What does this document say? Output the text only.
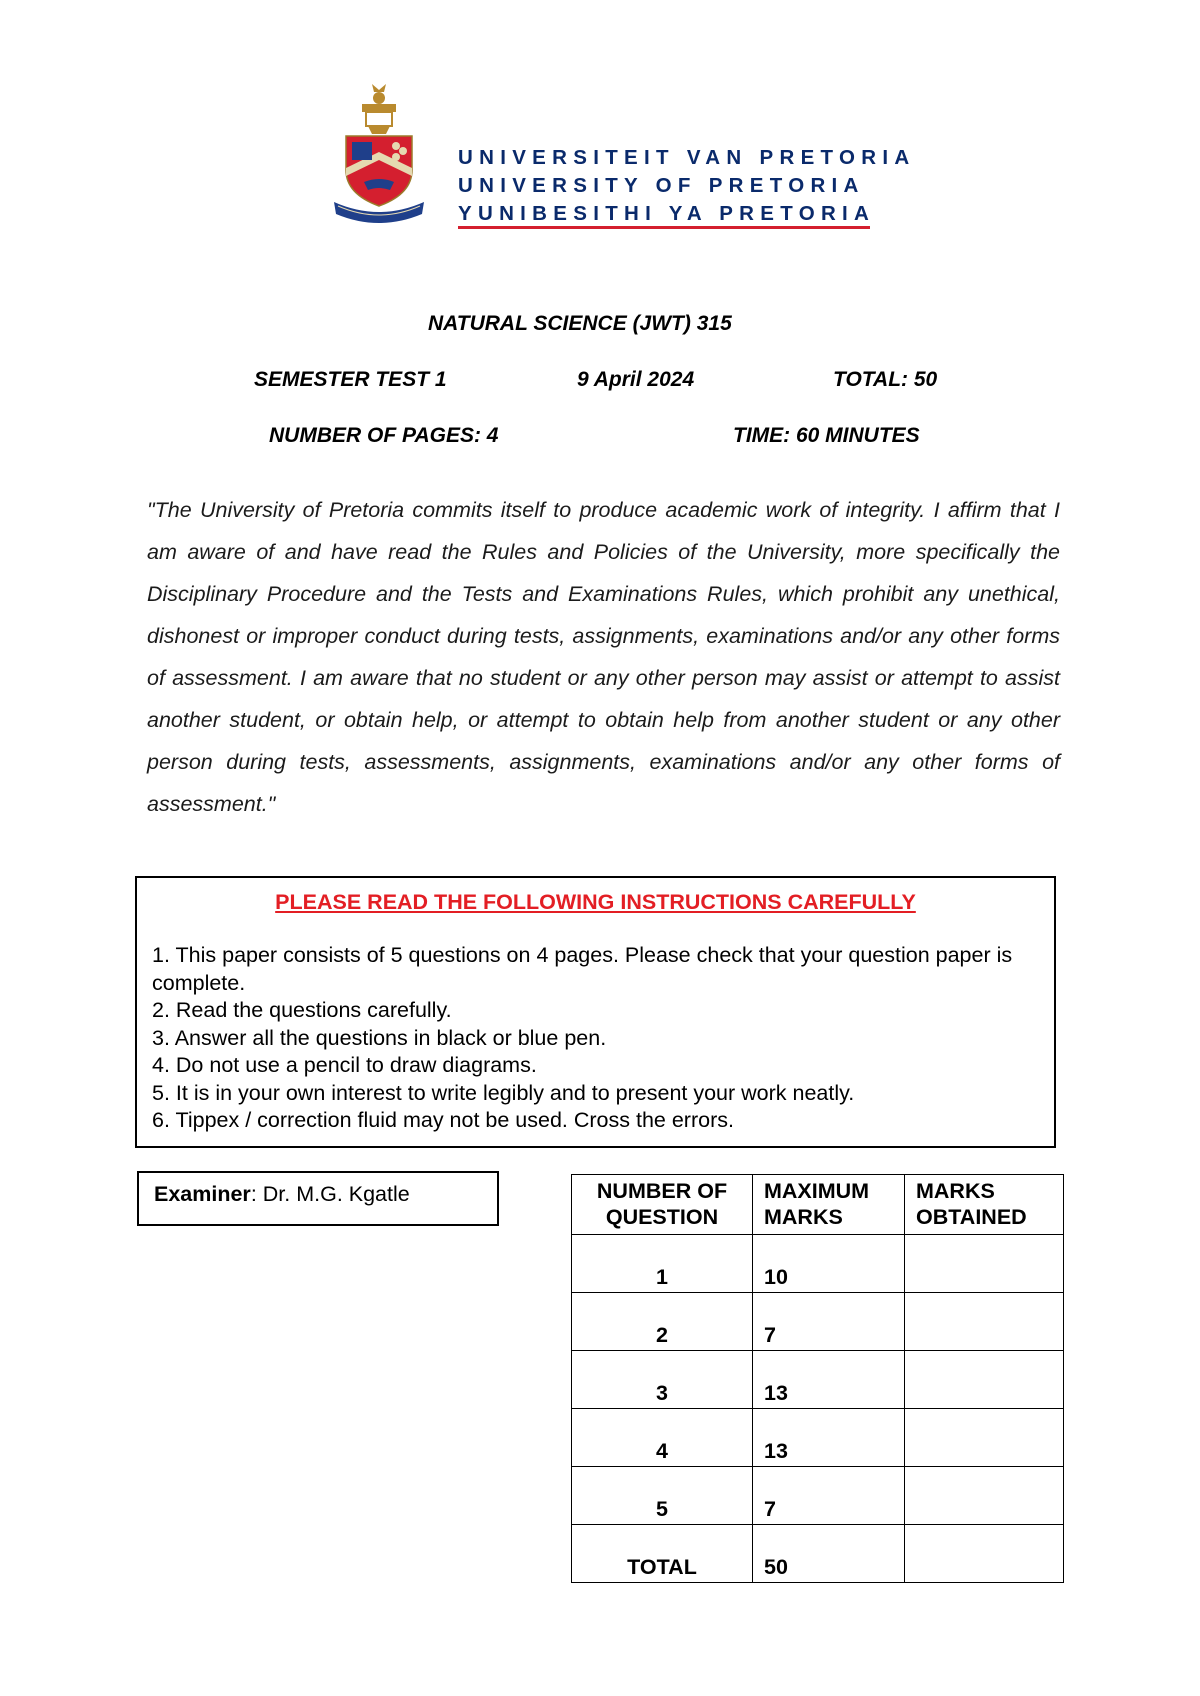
UNIVERSITEIT VAN PRETORIA
UNIVERSITY OF PRETORIA
YUNIBESITHI YA PRETORIA
NATURAL SCIENCE (JWT) 315
SEMESTER TEST 1	9 April 2024	TOTAL: 50
NUMBER OF PAGES: 4	TIME: 60 MINUTES
"The University of Pretoria commits itself to produce academic work of integrity. I affirm that I am aware of and have read the Rules and Policies of the University, more specifically the Disciplinary Procedure and the Tests and Examinations Rules, which prohibit any unethical, dishonest or improper conduct during tests, assignments, examinations and/or any other forms of assessment. I am aware that no student or any other person may assist or attempt to assist another student, or obtain help, or attempt to obtain help from another student or any other person during tests, assessments, assignments, examinations and/or any other forms of assessment."
PLEASE READ THE FOLLOWING INSTRUCTIONS CAREFULLY

1. This paper consists of 5 questions on 4 pages. Please check that your question paper is complete.

2. Read the questions carefully.

3. Answer all the questions in black or blue pen.

4. Do not use a pencil to draw diagrams.

5. It is in your own interest to write legibly and to present your work neatly.

6. Tippex / correction fluid may not be used. Cross the errors.

Examiner: Dr. M.G. Kgatle	NUMBER OF QUESTION	MAXIMUM MARKS	MARKS OBTAINED
1	10	
2	7	
3	13	
4	13	
5	7	
TOTAL	50	
